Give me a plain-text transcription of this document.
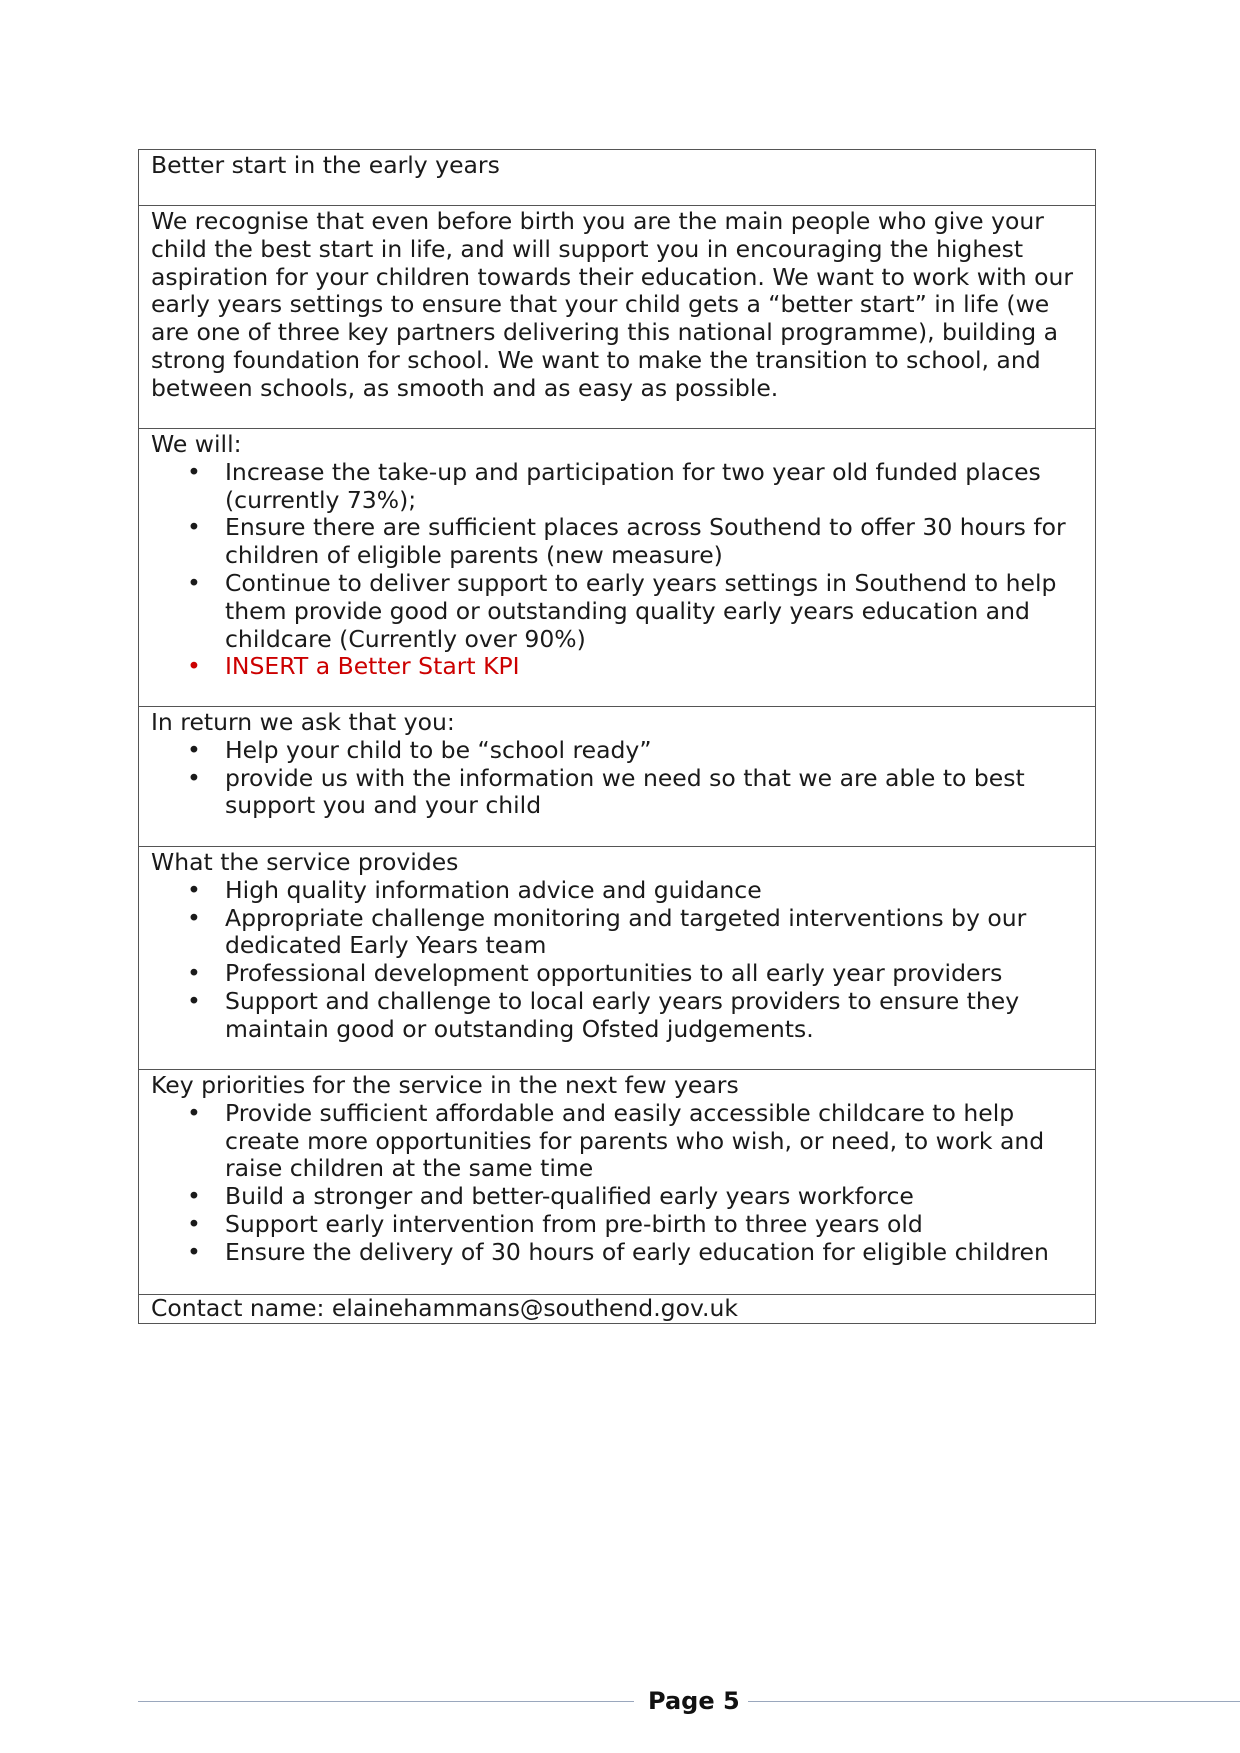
Better start in the early years
We recognise that even before birth you are the main people who give your child the best start in life, and will support you in encouraging the highest aspiration for your children towards their education. We want to work with our early years settings to ensure that your child gets a “better start” in life (we are one of three key partners delivering this national programme), building a strong foundation for school. We want to make the transition to school, and between schools, as smooth and as easy as possible.
We will:
• Increase the take-up and participation for two year old funded places (currently 73%);
• Ensure there are sufficient places across Southend to offer 30 hours for children of eligible parents (new measure)
• Continue to deliver support to early years settings in Southend to help them provide good or outstanding quality early years education and childcare (Currently over 90%)
• INSERT a Better Start KPI
In return we ask that you:
• Help your child to be “school ready”
• provide us with the information we need so that we are able to best support you and your child
What the service provides
• High quality information advice and guidance
• Appropriate challenge monitoring and targeted interventions by our dedicated Early Years team
• Professional development opportunities to all early year providers
• Support and challenge to local early years providers to ensure they maintain good or outstanding Ofsted judgements.
Key priorities for the service in the next few years
• Provide sufficient affordable and easily accessible childcare to help create more opportunities for parents who wish, or need, to work and raise children at the same time
• Build a stronger and better-qualified early years workforce
• Support early intervention from pre-birth to three years old
• Ensure the delivery of 30 hours of early education for eligible children
Contact name: elainehammans@southend.gov.uk
Page 5
